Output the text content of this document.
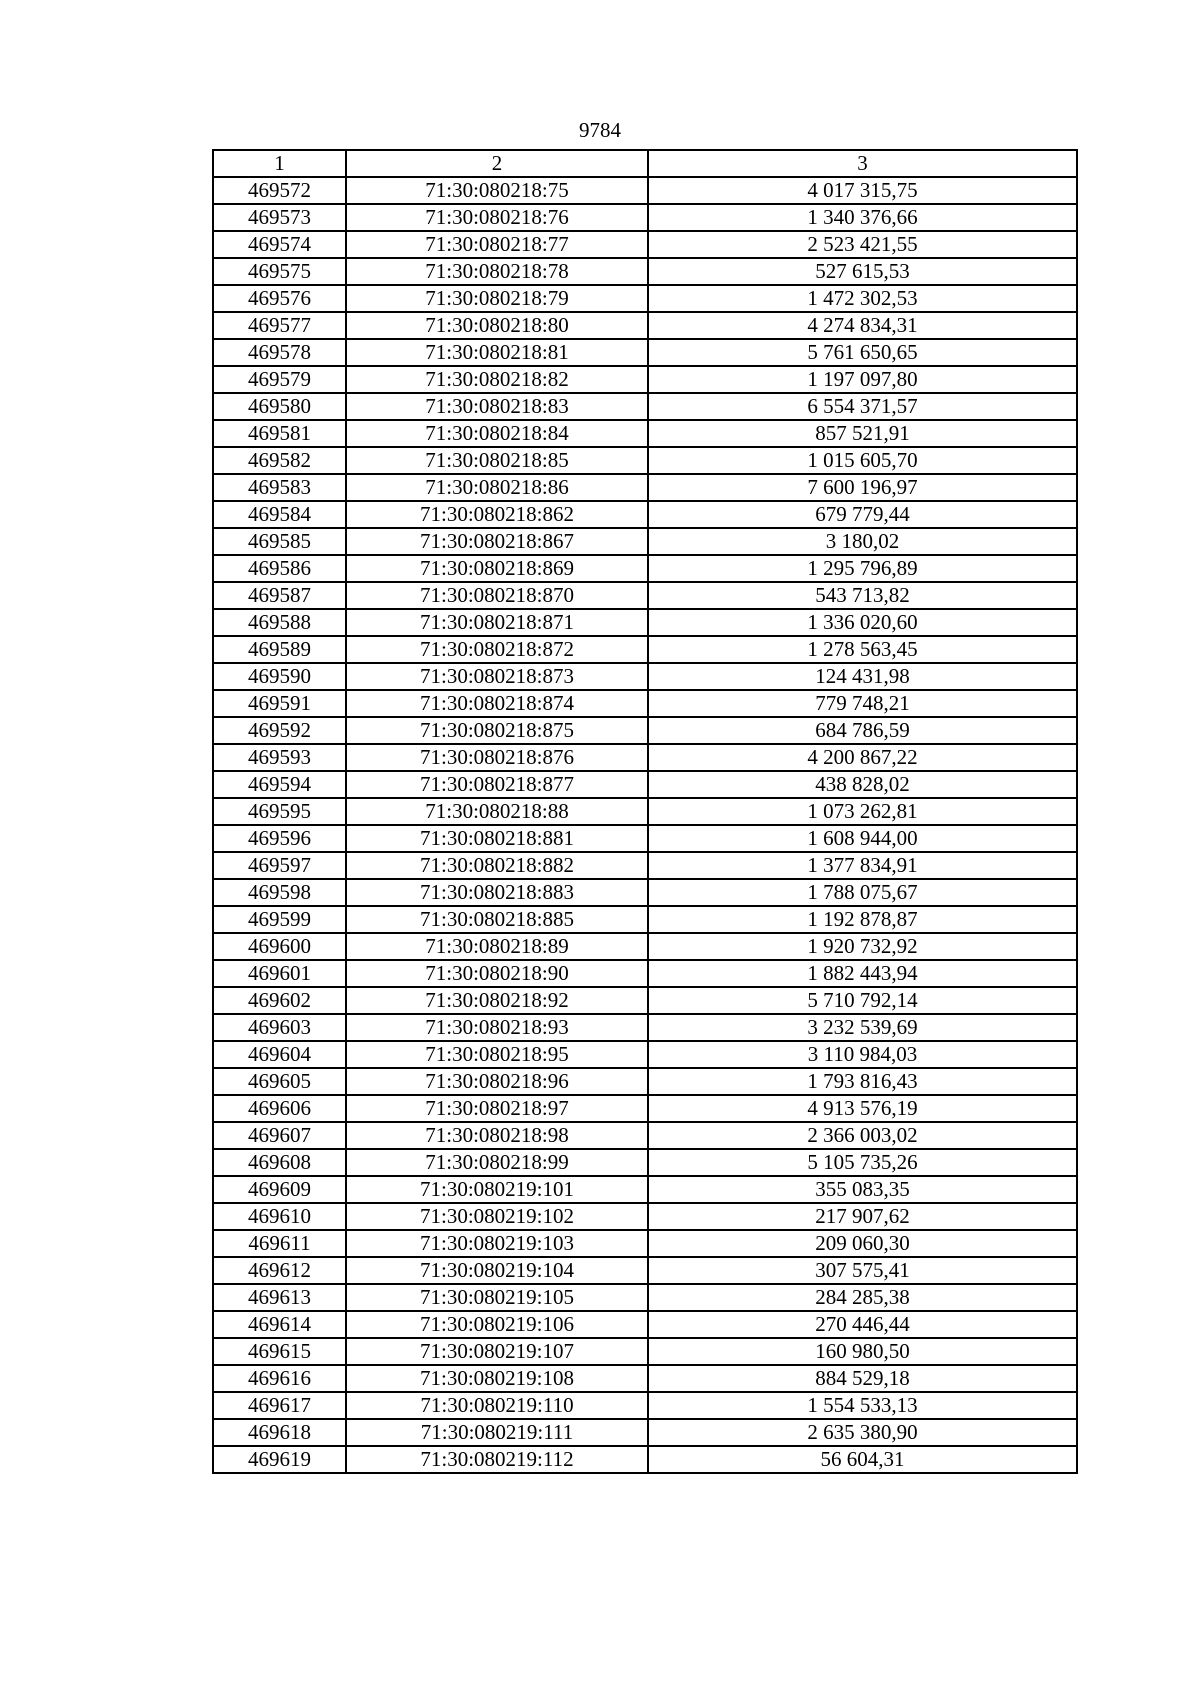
9784
1	2	3
469572	71:30:080218:75	4 017 315,75
469573	71:30:080218:76	1 340 376,66
469574	71:30:080218:77	2 523 421,55
469575	71:30:080218:78	527 615,53
469576	71:30:080218:79	1 472 302,53
469577	71:30:080218:80	4 274 834,31
469578	71:30:080218:81	5 761 650,65
469579	71:30:080218:82	1 197 097,80
469580	71:30:080218:83	6 554 371,57
469581	71:30:080218:84	857 521,91
469582	71:30:080218:85	1 015 605,70
469583	71:30:080218:86	7 600 196,97
469584	71:30:080218:862	679 779,44
469585	71:30:080218:867	3 180,02
469586	71:30:080218:869	1 295 796,89
469587	71:30:080218:870	543 713,82
469588	71:30:080218:871	1 336 020,60
469589	71:30:080218:872	1 278 563,45
469590	71:30:080218:873	124 431,98
469591	71:30:080218:874	779 748,21
469592	71:30:080218:875	684 786,59
469593	71:30:080218:876	4 200 867,22
469594	71:30:080218:877	438 828,02
469595	71:30:080218:88	1 073 262,81
469596	71:30:080218:881	1 608 944,00
469597	71:30:080218:882	1 377 834,91
469598	71:30:080218:883	1 788 075,67
469599	71:30:080218:885	1 192 878,87
469600	71:30:080218:89	1 920 732,92
469601	71:30:080218:90	1 882 443,94
469602	71:30:080218:92	5 710 792,14
469603	71:30:080218:93	3 232 539,69
469604	71:30:080218:95	3 110 984,03
469605	71:30:080218:96	1 793 816,43
469606	71:30:080218:97	4 913 576,19
469607	71:30:080218:98	2 366 003,02
469608	71:30:080218:99	5 105 735,26
469609	71:30:080219:101	355 083,35
469610	71:30:080219:102	217 907,62
469611	71:30:080219:103	209 060,30
469612	71:30:080219:104	307 575,41
469613	71:30:080219:105	284 285,38
469614	71:30:080219:106	270 446,44
469615	71:30:080219:107	160 980,50
469616	71:30:080219:108	884 529,18
469617	71:30:080219:110	1 554 533,13
469618	71:30:080219:111	2 635 380,90
469619	71:30:080219:112	56 604,31
